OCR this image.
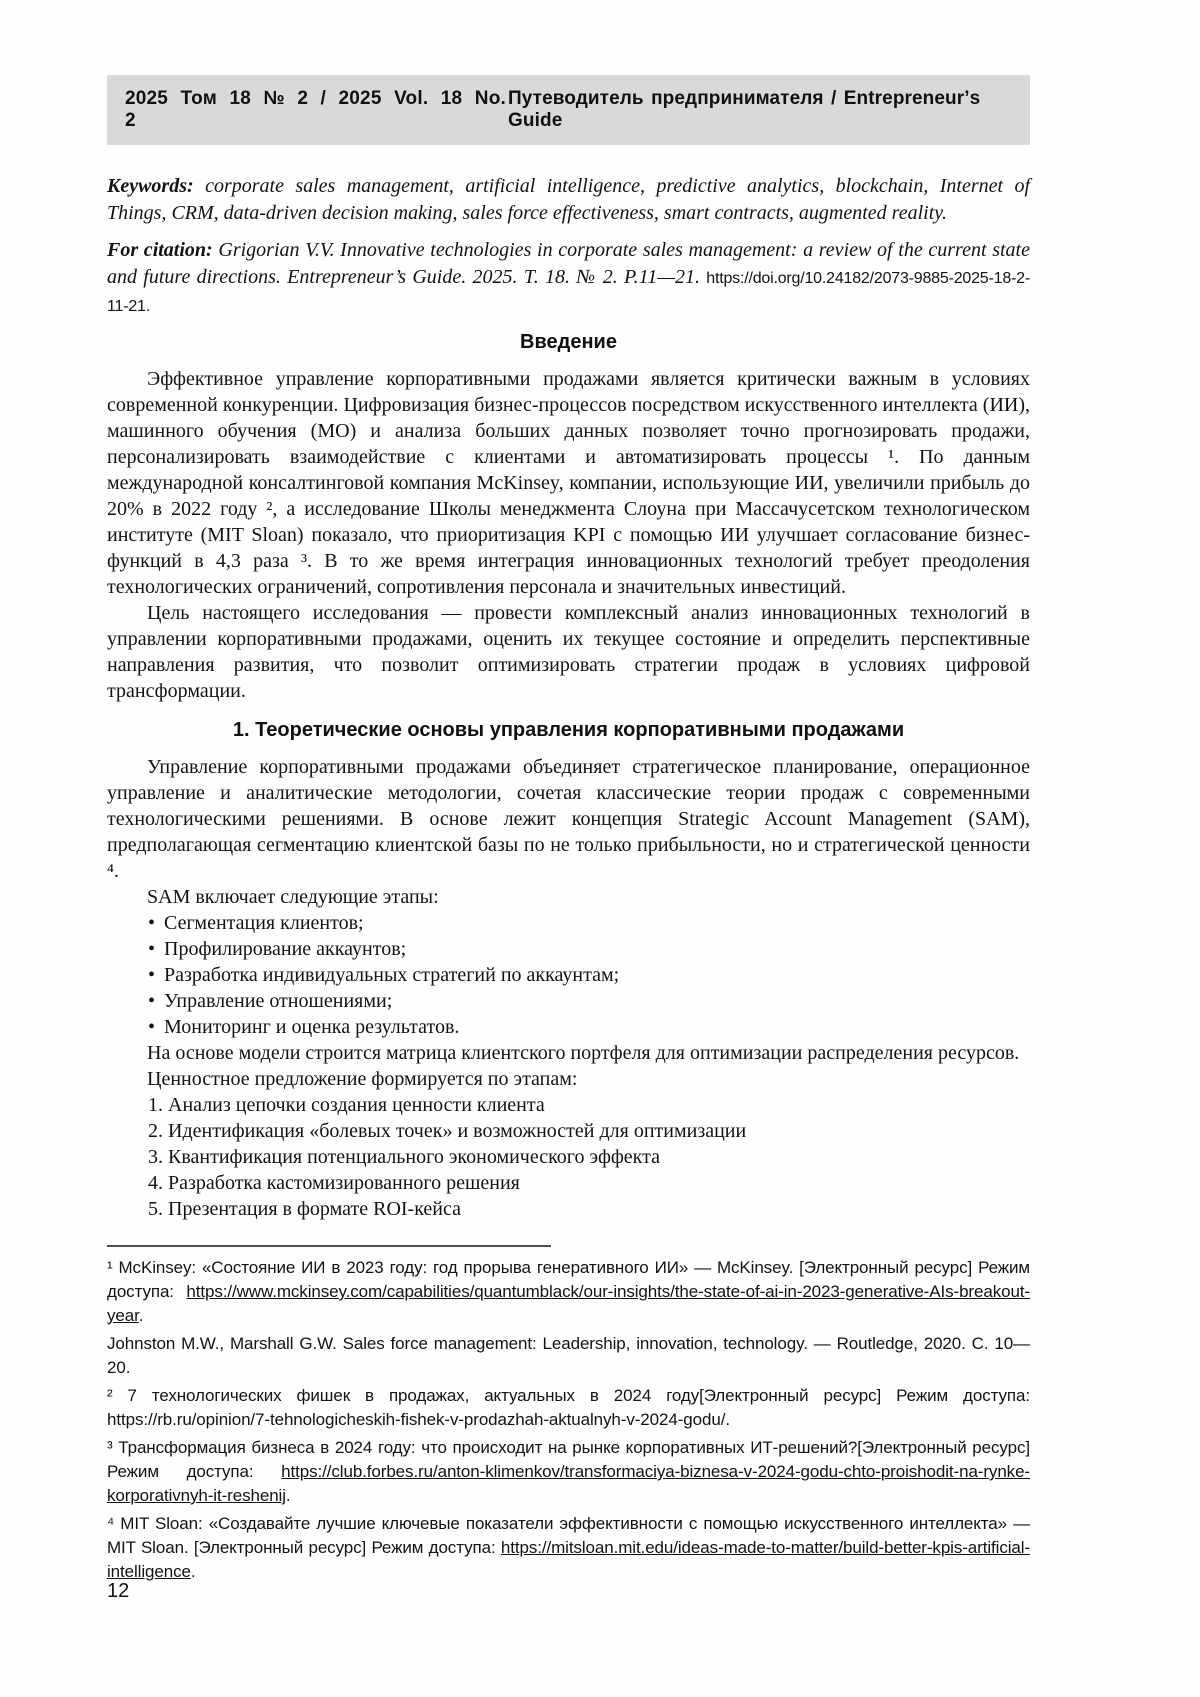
2025 Том 18 № 2 / 2025 Vol. 18 No. 2
Путеводитель предпринимателя / Entrepreneurʼs Guide

Keywords: corporate sales management, artificial intelligence, predictive analytics, blockchain, Internet of Things, CRM, data-driven decision making, sales force effectiveness, smart contracts, augmented reality.

For citation: Grigorian V.V. Innovative technologies in corporate sales management: a review of the current state and future directions. Entrepreneur’s Guide. 2025. Т. 18. № 2. P.11—21. https://doi.org/10.24182/2073-9885-2025-18-2-11-21.

Введение

Эффективное управление корпоративными продажами является критически важным в условиях современной конкуренции. Цифровизация бизнес-процессов посредством искусственного интеллекта (ИИ), машинного обучения (МО) и анализа больших данных позволяет точно прогнозировать продажи, персонализировать взаимодействие с клиентами и автоматизировать процессы ¹. По данным международной консалтинговой компания McKinsey, компании, использующие ИИ, увеличили прибыль до 20% в 2022 году ², а исследование Школы менеджмента Слоуна при Массачусетском технологическом институте (MIT Sloan) показало, что приоритизация KPI с помощью ИИ улучшает согласование бизнес-функций в 4,3 раза ³. В то же время интеграция инновационных технологий требует преодоления технологических ограничений, сопротивления персонала и значительных инвестиций.

Цель настоящего исследования — провести комплексный анализ инновационных технологий в управлении корпоративными продажами, оценить их текущее состояние и определить перспективные направления развития, что позволит оптимизировать стратегии продаж в условиях цифровой трансформации.

1. Теоретические основы управления корпоративными продажами

Управление корпоративными продажами объединяет стратегическое планирование, операционное управление и аналитические методологии, сочетая классические теории продаж с современными технологическими решениями. В основе лежит концепция Strategic Account Management (SAM), предполагающая сегментацию клиентской базы по не только прибыльности, но и стратегической ценности ⁴.

SAM включает следующие этапы:

• Сегментация клиентов;
• Профилирование аккаунтов;
• Разработка индивидуальных стратегий по аккаунтам;
• Управление отношениями;
• Мониторинг и оценка результатов.

На основе модели строится матрица клиентского портфеля для оптимизации распределения ресурсов.

Ценностное предложение формируется по этапам:

1. Анализ цепочки создания ценности клиента
2. Идентификация «болевых точек» и возможностей для оптимизации
3. Квантификация потенциального экономического эффекта
4. Разработка кастомизированного решения
5. Презентация в формате ROI-кейса

¹ McKinsey: «Состояние ИИ в 2023 году: год прорыва генеративного ИИ» — McKinsey. [Электронный ресурс] Режим доступа: https://www.mckinsey.com/capabilities/quantumblack/our-insights/the-state-of-ai-in-2023-generative-AIs-breakout-year.

Johnston M.W., Marshall G.W. Sales force management: Leadership, innovation, technology. — Routledge, 2020. C. 10—20.

² 7 технологических фишек в продажах, актуальных в 2024 году[Электронный ресурс] Режим доступа: https://rb.ru/opinion/7-tehnologicheskih-fishek-v-prodazhah-aktualnyh-v-2024-godu/.

³ Трансформация бизнеса в 2024 году: что происходит на рынке корпоративных ИТ-решений?[Электронный ресурс] Режим доступа: https://club.forbes.ru/anton-klimenkov/transformaciya-biznesa-v-2024-godu-chto-proishodit-na-rynke-korporativnyh-it-reshenij.

⁴ MIT Sloan: «Создавайте лучшие ключевые показатели эффективности с помощью искусственного интеллекта» — MIT Sloan. [Электронный ресурс] Режим доступа: https://mitsloan.mit.edu/ideas-made-to-matter/build-better-kpis-artificial-intelligence.

12
